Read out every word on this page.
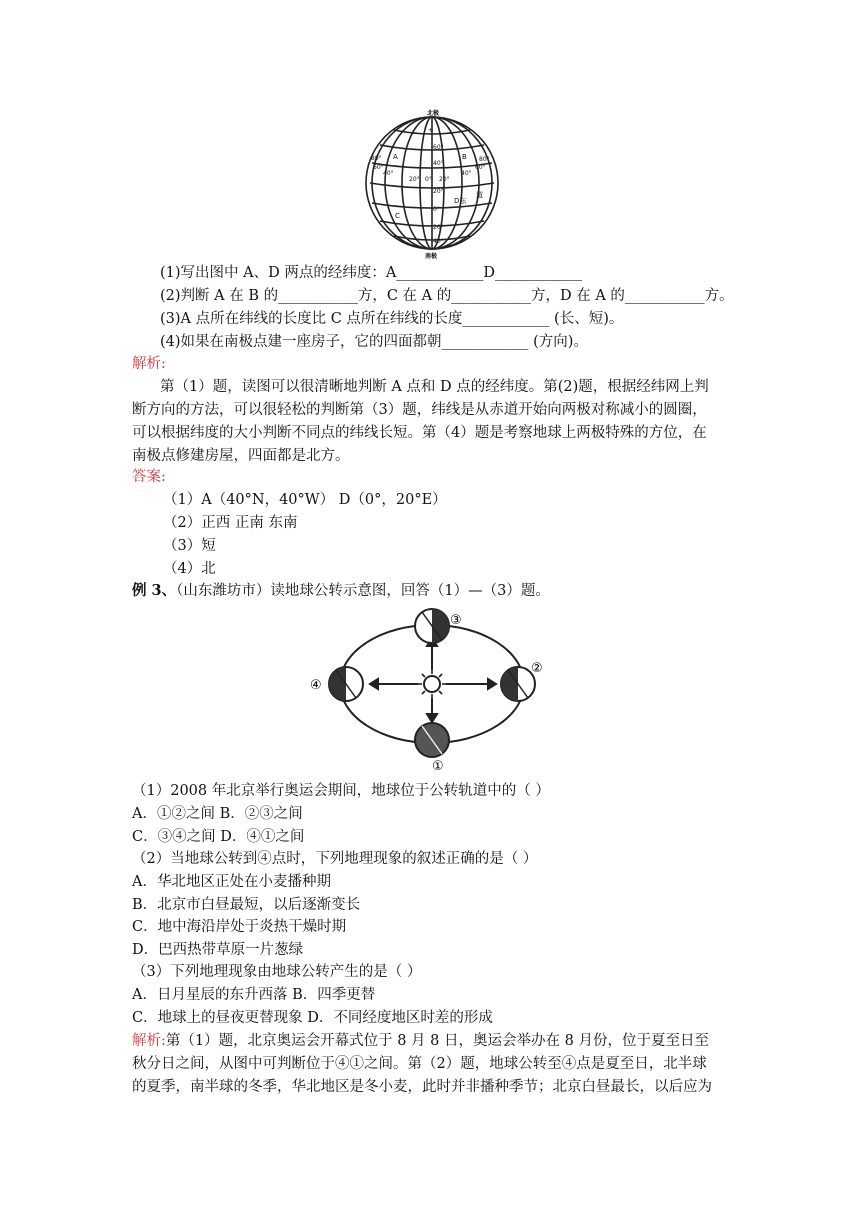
北极
+
A	B
C
D东
道
80°
60°
60°
40°
40°
20° 0° 20°
40°
60°
80°
20°
0°
20°
40°
南极
(1)写出图中 A、D 两点的经纬度：A____________D____________
(2)判断 A 在 B 的___________方，C 在 A 的___________方，D 在 A 的___________方。
(3)A 点所在纬线的长度比 C 点所在纬线的长度____________ (长、短)。
(4)如果在南极点建一座房子，它的四面都朝____________ (方向)。
解析:
第（1）题，读图可以很清晰地判断 A 点和 D 点的经纬度。第(2)题，根据经纬网上判
断方向的方法，可以很轻松的判断第（3）题，纬线是从赤道开始向两极对称减小的圆圈，
可以根据纬度的大小判断不同点的纬线长短。第（4）题是考察地球上两极特殊的方位，在
南极点修建房屋，四面都是北方。
答案:
（1）A（40°N，40°W） D（0°，20°E）
（2）正西 正南 东南
（3）短
（4）北
例 3、（山东潍坊市）读地球公转示意图，回答（1）—（3）题。
③
②
①
④
（1）2008 年北京举行奥运会期间，地球位于公转轨道中的（ ）
A．①②之间 B．②③之间
C．③④之间 D．④①之间
（2）当地球公转到④点时，下列地理现象的叙述正确的是（ ）
A．华北地区正处在小麦播种期
B．北京市白昼最短，以后逐渐变长
C．地中海沿岸处于炎热干燥时期
D．巴西热带草原一片葱绿
（3）下列地理现象由地球公转产生的是（ ）
A．日月星辰的东升西落 B．四季更替
C．地球上的昼夜更替现象 D．不同经度地区时差的形成
解析:第（1）题，北京奥运会开幕式位于 8 月 8 日，奥运会举办在 8 月份，位于夏至日至
秋分日之间，从图中可判断位于④①之间。第（2）题，地球公转至④点是夏至日，北半球
的夏季，南半球的冬季，华北地区是冬小麦，此时并非播种季节；北京白昼最长，以后应为
